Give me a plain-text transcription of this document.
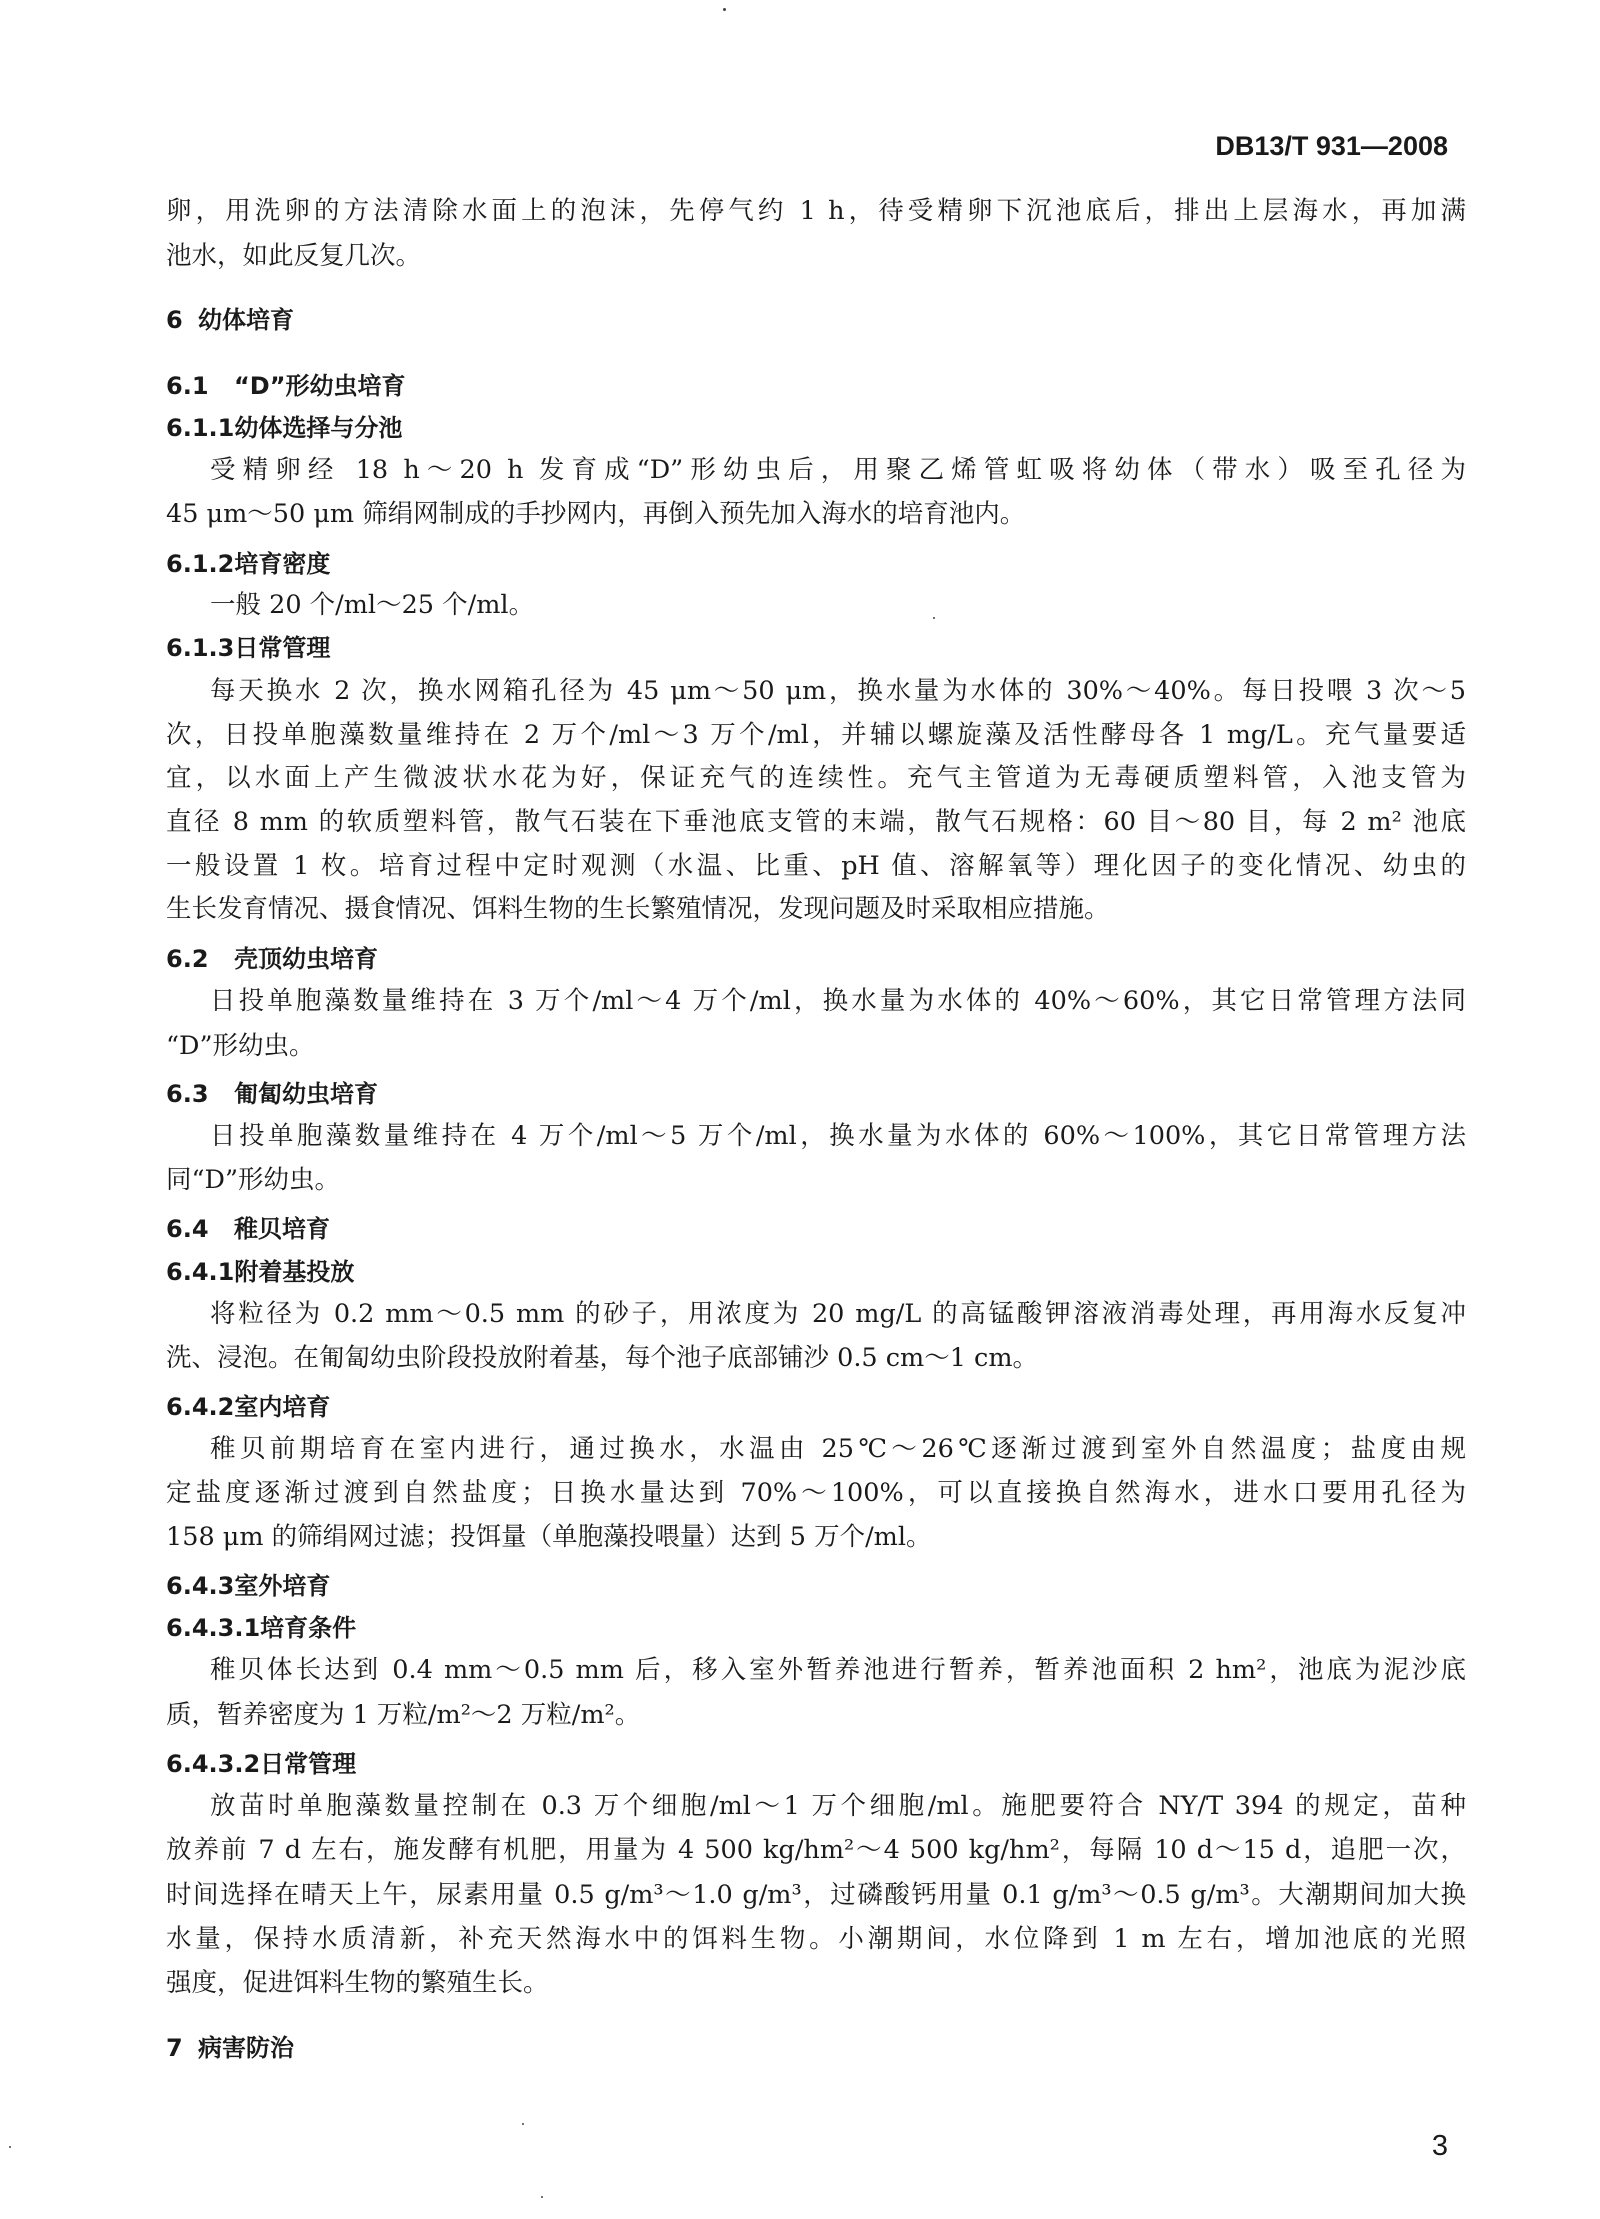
DB13/T 931—2008
卵，用洗卵的方法清除水面上的泡沫，先停气约 1 h，待受精卵下沉池底后，排出上层海水，再加满
池水，如此反复几次。
6 幼体培育
6.1 “D”形幼虫培育
6.1.1幼体选择与分池
受精卵经 18 h～20 h 发育成“D”形幼虫后，用聚乙烯管虹吸将幼体（带水）吸至孔径为
45 μm～50 μm 筛绢网制成的手抄网内，再倒入预先加入海水的培育池内。
6.1.2培育密度
一般 20 个/ml～25 个/ml。
6.1.3日常管理
每天换水 2 次，换水网箱孔径为 45 μm～50 μm，换水量为水体的 30%～40%。每日投喂 3 次～5
次，日投单胞藻数量维持在 2 万个/ml～3 万个/ml，并辅以螺旋藻及活性酵母各 1 mg/L。充气量要适
宜，以水面上产生微波状水花为好，保证充气的连续性。充气主管道为无毒硬质塑料管，入池支管为
直径 8 mm 的软质塑料管，散气石装在下垂池底支管的末端，散气石规格：60 目～80 目，每 2 m² 池底
一般设置 1 枚。培育过程中定时观测（水温、比重、pH 值、溶解氧等）理化因子的变化情况、幼虫的
生长发育情况、摄食情况、饵料生物的生长繁殖情况，发现问题及时采取相应措施。
6.2 壳顶幼虫培育
日投单胞藻数量维持在 3 万个/ml～4 万个/ml，换水量为水体的 40%～60%，其它日常管理方法同
“D”形幼虫。
6.3 匍匐幼虫培育
日投单胞藻数量维持在 4 万个/ml～5 万个/ml，换水量为水体的 60%～100%，其它日常管理方法
同“D”形幼虫。
6.4 稚贝培育
6.4.1附着基投放
将粒径为 0.2 mm～0.5 mm 的砂子，用浓度为 20 mg/L 的高锰酸钾溶液消毒处理，再用海水反复冲
洗、浸泡。在匍匐幼虫阶段投放附着基，每个池子底部铺沙 0.5 cm～1 cm。
6.4.2室内培育
稚贝前期培育在室内进行，通过换水，水温由 25℃～26℃逐渐过渡到室外自然温度；盐度由规
定盐度逐渐过渡到自然盐度；日换水量达到 70%～100%，可以直接换自然海水，进水口要用孔径为
158 μm 的筛绢网过滤；投饵量（单胞藻投喂量）达到 5 万个/ml。
6.4.3室外培育
6.4.3.1培育条件
稚贝体长达到 0.4 mm～0.5 mm 后，移入室外暂养池进行暂养，暂养池面积 2 hm²，池底为泥沙底
质，暂养密度为 1 万粒/m²～2 万粒/m²。
6.4.3.2日常管理
放苗时单胞藻数量控制在 0.3 万个细胞/ml～1 万个细胞/ml。施肥要符合 NY/T 394 的规定，苗种
放养前 7 d 左右，施发酵有机肥，用量为 4 500 kg/hm²～4 500 kg/hm²，每隔 10 d～15 d，追肥一次，
时间选择在晴天上午，尿素用量 0.5 g/m³～1.0 g/m³，过磷酸钙用量 0.1 g/m³～0.5 g/m³。大潮期间加大换
水量，保持水质清新，补充天然海水中的饵料生物。小潮期间，水位降到 1 m 左右，增加池底的光照
强度，促进饵料生物的繁殖生长。
7 病害防治
3
